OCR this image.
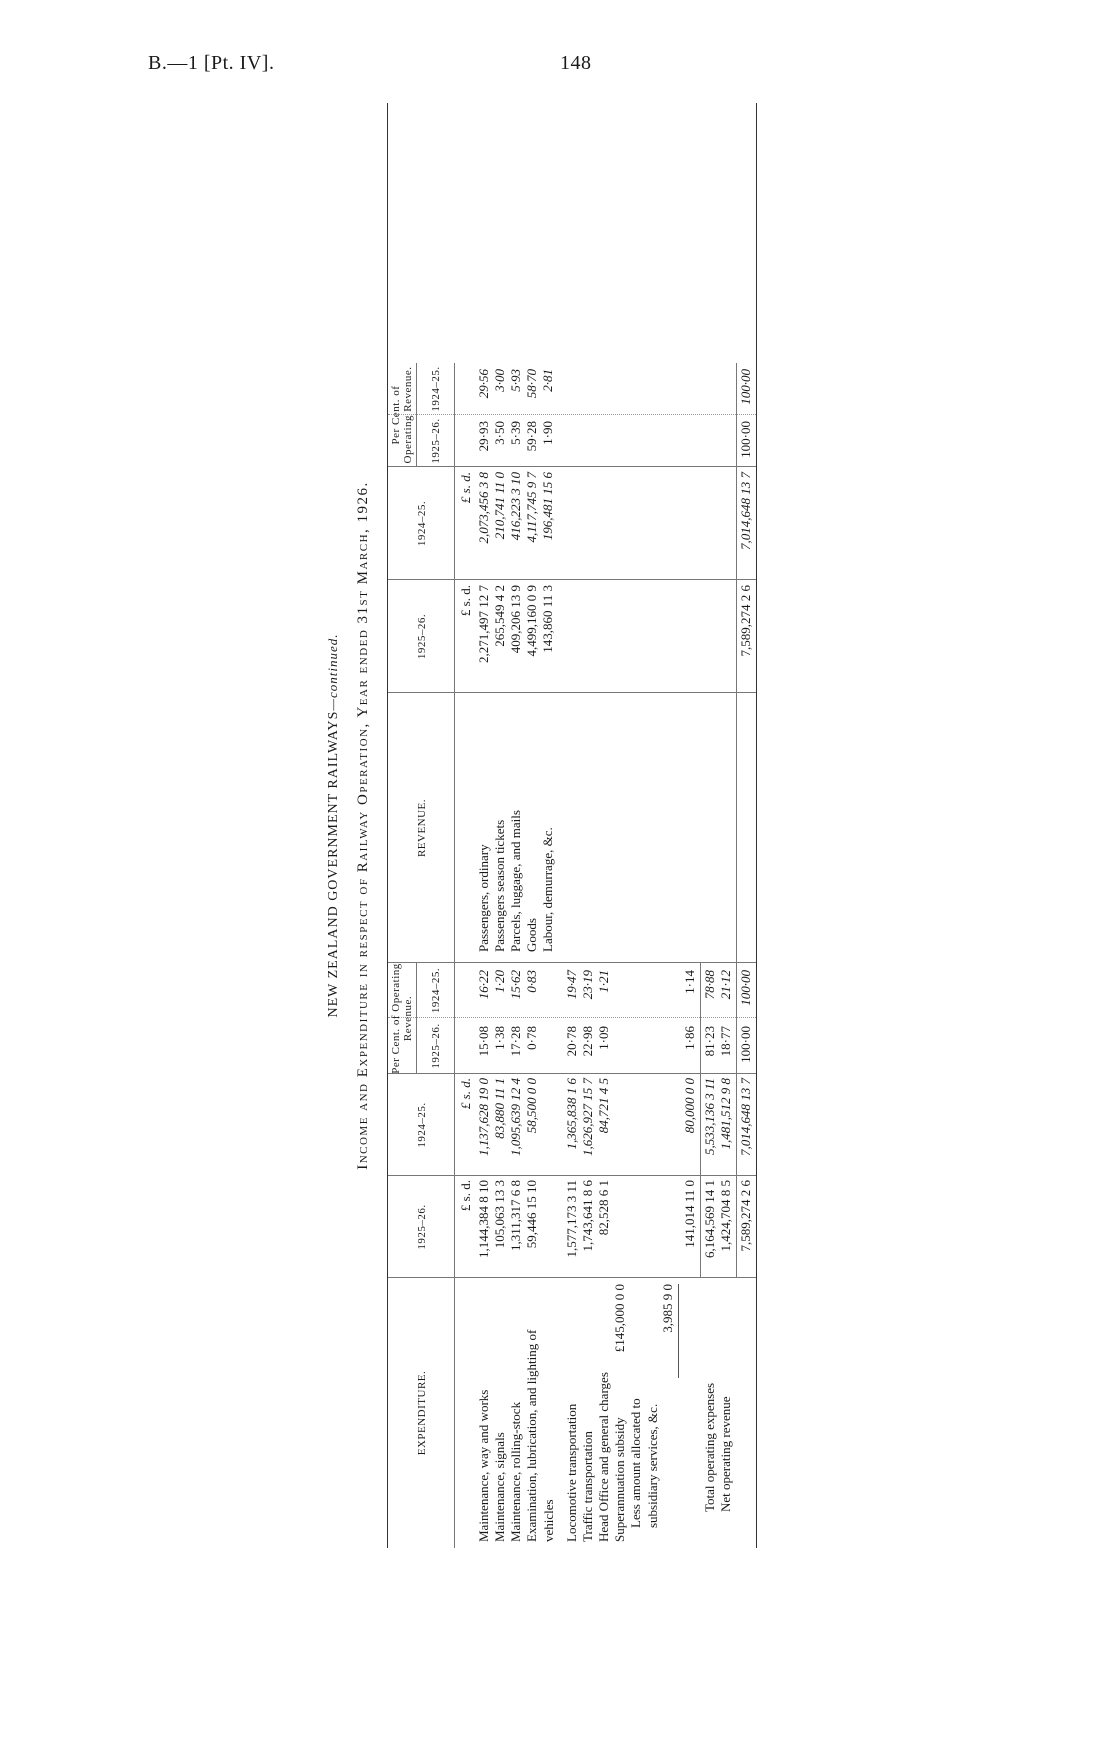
B.—1 [Pt. IV].	148
NEW ZEALAND GOVERNMENT RAILWAYS—continued. Income and Expenditure in respect of Railway Operation, Year ended 31st March, 1926.
EXPENDITURE.
1925–26.
1924–25.
Per Cent. of Operating Revenue.
1925–26.
1924–25.
REVENUE.
1925–26.
1924–25.
Per Cent. of Operating Revenue. 1925–26.
1924–25.
£ s. d.
£ s. d.
£ s. d.
£ s. d.
Maintenance, way and works
1,144,384 8 10
1,137,628 19 0
15·08
16·22
Maintenance, signals
105,063 13 3
83,880 11 1
1·38
1·20
Maintenance, rolling-stock
1,311,317 6 8
1,095,639 12 4
17·28
15·62
Examination, lubrication, and lighting of vehicles
59,446 15 10
58,500 0 0
0·78
0·83
Locomotive transportation
1,577,173 3 11
1,365,838 1 6
20·78
19·47
Traffic transportation
1,743,641 8 6
1,626,927 15 7
22·98
23·19
Head Office and general charges
82,528 6 1
84,721 4 5
1·09
1·21
Superannuation subsidy
£145,000 0 0
Less amount allocated to subsidiary services, &c.
3,985 9 0
141,014 11 0
80,000 0 0
1·86
1·14
Total operating expenses
6,164,569 14 1
5,533,136 3 11
81·23
78·88
Net operating revenue
1,424,704 8 5
1,481,512 9 8
18·77
21·12
7,589,274 2 6
7,014,648 13 7
100·00
100·00
Passengers, ordinary
2,271,497 12 7
2,073,456 3 8
29·93
29·56
Passengers season tickets
265,549 4 2
210,741 11 0
3·50
3·00
Parcels, luggage, and mails
409,206 13 9
416,223 3 10
5·39
5·93
Goods
4,499,160 0 9
4,117,745 9 7
59·28
58·70
Labour, demurrage, &c.
143,860 11 3
196,481 15 6
1·90
2·81
7,589,274 2 6
7,014,648 13 7
100·00
100·00
